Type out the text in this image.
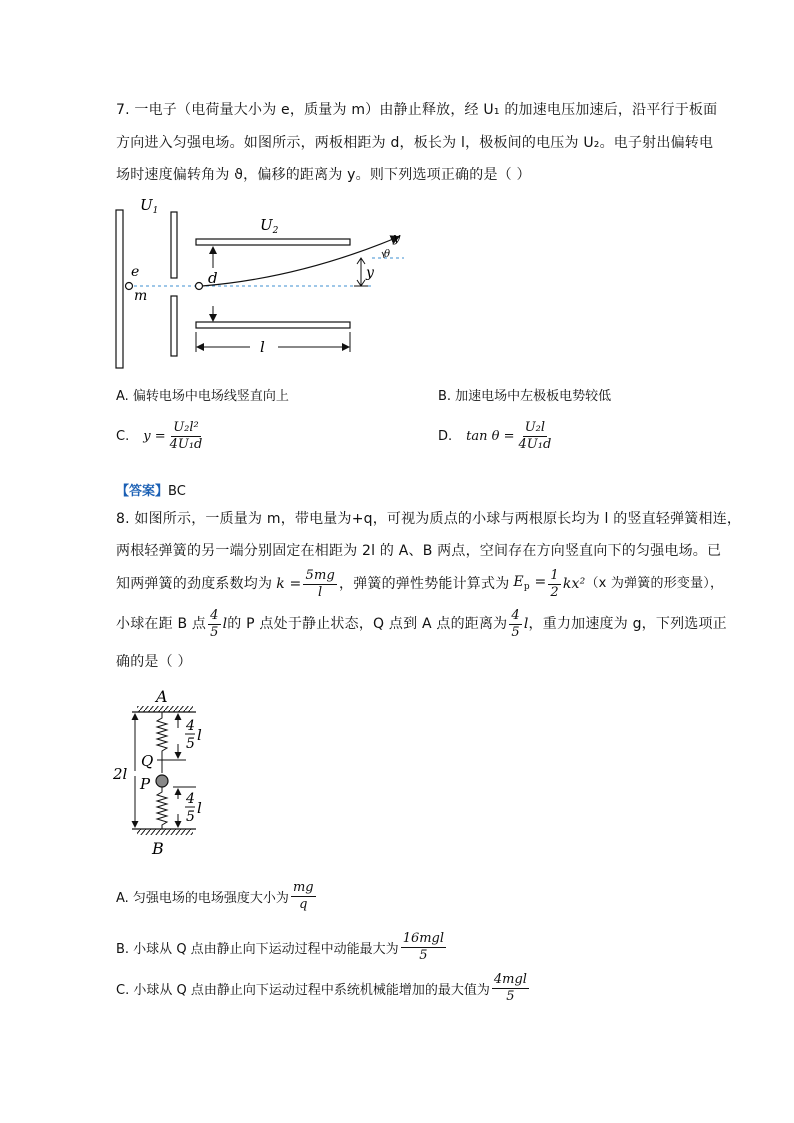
7. 一电子（电荷量大小为 e，质量为 m）由静止释放，经 U₁ 的加速电压加速后，沿平行于板面
方向进入匀强电场。如图所示，两板相距为 d，板长为 l，极板间的电压为 U₂。电子射出偏转电
场时速度偏转角为 ϑ，偏移的距离为 y。则下列选项正确的是（ ）
$U_1$
$U_2$	y
θ
y
e
m
d
l
A. 偏转电场中电场线竖直向上	B. 加速电场中左极板电势较低
C. $y = \frac{\text{U₂l²}}{\text{4U₁d}}$	D. $\tan \theta = \frac{\text{U₂l}}{\text{4U₁d}}$
【答案】BC
8. 如图所示，一质量为 m，带电量为+q，可视为质点的小球与两根原长均为 l 的竖直轻弹簧相连，
两根轻弹簧的另一端分别固定在相距为 2l 的 A、B 两点，空间存在方向竖直向下的匀强电场。已
知两弹簧的劲度系数均为 $k = \frac{5mg}{l}$ ，弹簧的弹性势能计算式为 $E_p = \frac{1}{2} kx^2$ （x 为弹簧的形变量），
小球在距 B 点 $\frac{4}{5}$ l 的 P 点处于静止状态，Q 点到 A 点的距离为 $\frac{4}{5}$ l ，重力加速度为 g，下列选项正
确的是（ ）
A
B
Q
P
2l
4
5 l
4
5 l
A. 匀强电场的电场强度大小为 $\frac{mg}{q}$
B. 小球从 Q 点由静止向下运动过程中动能最大为 $\frac{\text{16mgl}}{5}$
C. 小球从 Q 点由静止向下运动过程中系统机械能增加的最大值为 $\frac{\text{4mgl}}{5}$
